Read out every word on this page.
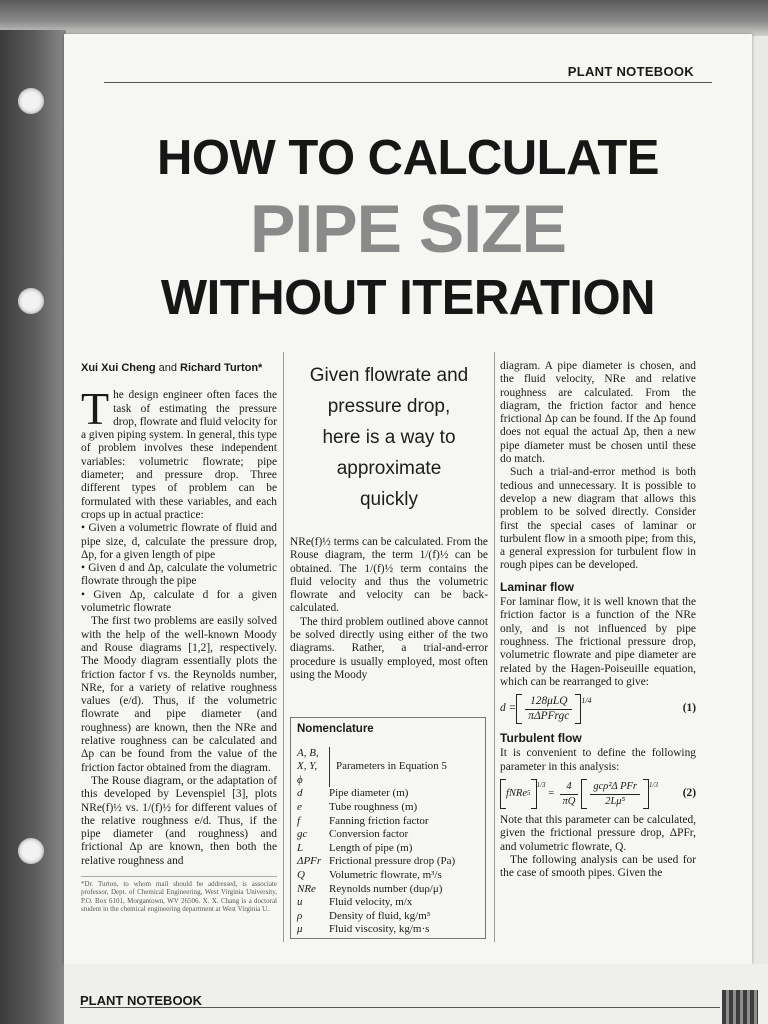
PLANT NOTEBOOK
HOW TO CALCULATE
PIPE SIZE
WITHOUT ITERATION
Xui Xui Cheng and Richard Turton*

The design engineer often faces the task of estimating the pressure drop, flowrate and fluid velocity for a given piping system. In general, this type of problem involves these independent variables: volumetric flowrate; pipe diameter; and pressure drop. Three different types of problem can be formulated with these variables, and each crops up in actual practice:

• Given a volumetric flowrate of fluid and pipe size, d, calculate the pressure drop, Δp, for a given length of pipe

• Given d and Δp, calculate the volumetric flowrate through the pipe

• Given Δp, calculate d for a given volumetric flowrate

The first two problems are easily solved with the help of the well-known Moody and Rouse diagrams [1,2], respectively. The Moody diagram essentially plots the friction factor f vs. the Reynolds number, NRe, for a variety of relative roughness values (e/d). Thus, if the volumetric flowrate and pipe diameter (and roughness) are known, then the NRe and relative roughness can be calculated and Δp can be found from the value of the friction factor obtained from the diagram.

The Rouse diagram, or the adaptation of this developed by Levenspiel [3], plots NRe(f)½ vs. 1/(f)½ for different values of the relative roughness e/d. Thus, if the pipe diameter (and roughness) and frictional Δp are known, then both the relative roughness and

*Dr. Turton, to whom mail should be addressed, is associate professor, Dept. of Chemical Engineering, West Virginia University, P.O. Box 6101, Morgantown, WV 26506. X. X. Chang is a doctoral student in the chemical engineering department at West Virginia U.
Given flowrate and
pressure drop,
here is a way to
approximate
quickly

NRe(f)½ terms can be calculated. From the Rouse diagram, the term 1/(f)½ can be obtained. The 1/(f)½ term contains the fluid velocity and thus the volumetric flowrate and velocity can be back-calculated.

The third problem outlined above cannot be solved directly using either of the two diagrams. Rather, a trial-and-error procedure is usually employed, most often using the Moody

Nomenclature
A, B,
X, Y,
ϕ
Parameters in Equation 5
d	Pipe diameter (m)
e	Tube roughness (m)
f	Fanning friction factor
gc	Conversion factor
L	Length of pipe (m)
ΔPFr Frictional pressure drop (Pa)
Q	Volumetric flowrate, m³/s
NRe	Reynolds number (duρ/μ)
u	Fluid velocity, m/x
ρ	Density of fluid, kg/m³
μ	Fluid viscosity, kg/m·s

diagram. A pipe diameter is chosen, and the fluid velocity, NRe and relative roughness are calculated. From the diagram, the friction factor and hence frictional Δp can be found. If the Δp found does not equal the actual Δp, then a new pipe diameter must be chosen until these do match.

Such a trial-and-error method is both tedious and unnecessary. It is possible to develop a new diagram that allows this problem to be solved directly. Consider first the special cases of laminar or turbulent flow in a smooth pipe; from this, a general expression for turbulent flow in rough pipes can be developed.

Laminar flow

For laminar flow, it is well known that the friction factor is a function of the NRe only, and is not influenced by pipe roughness. The frictional pressure drop, volumetric flowrate and pipe diameter are related by the Hagen-Poiseuille equation, which can be rearranged to give:

$d = \frac{\text{128μLQ}}{\text{πΔPFrgc}} ^{1/4}$
(1)
Turbulent flow

It is convenient to define the following parameter in this analysis:

fNRe 5
$^{1/3}$
= $\frac{4}{\pi Q} \frac{\text{gcρ²Δ PFr}}{\text{2Lμ⁵}} ^{1/3}$
(2)

Note that this parameter can be calculated, given the frictional pressure drop, ΔPFr, and volumetric flowrate, Q.

The following analysis can be used for the case of smooth pipes. Given the

PLANT NOTEBOOK
